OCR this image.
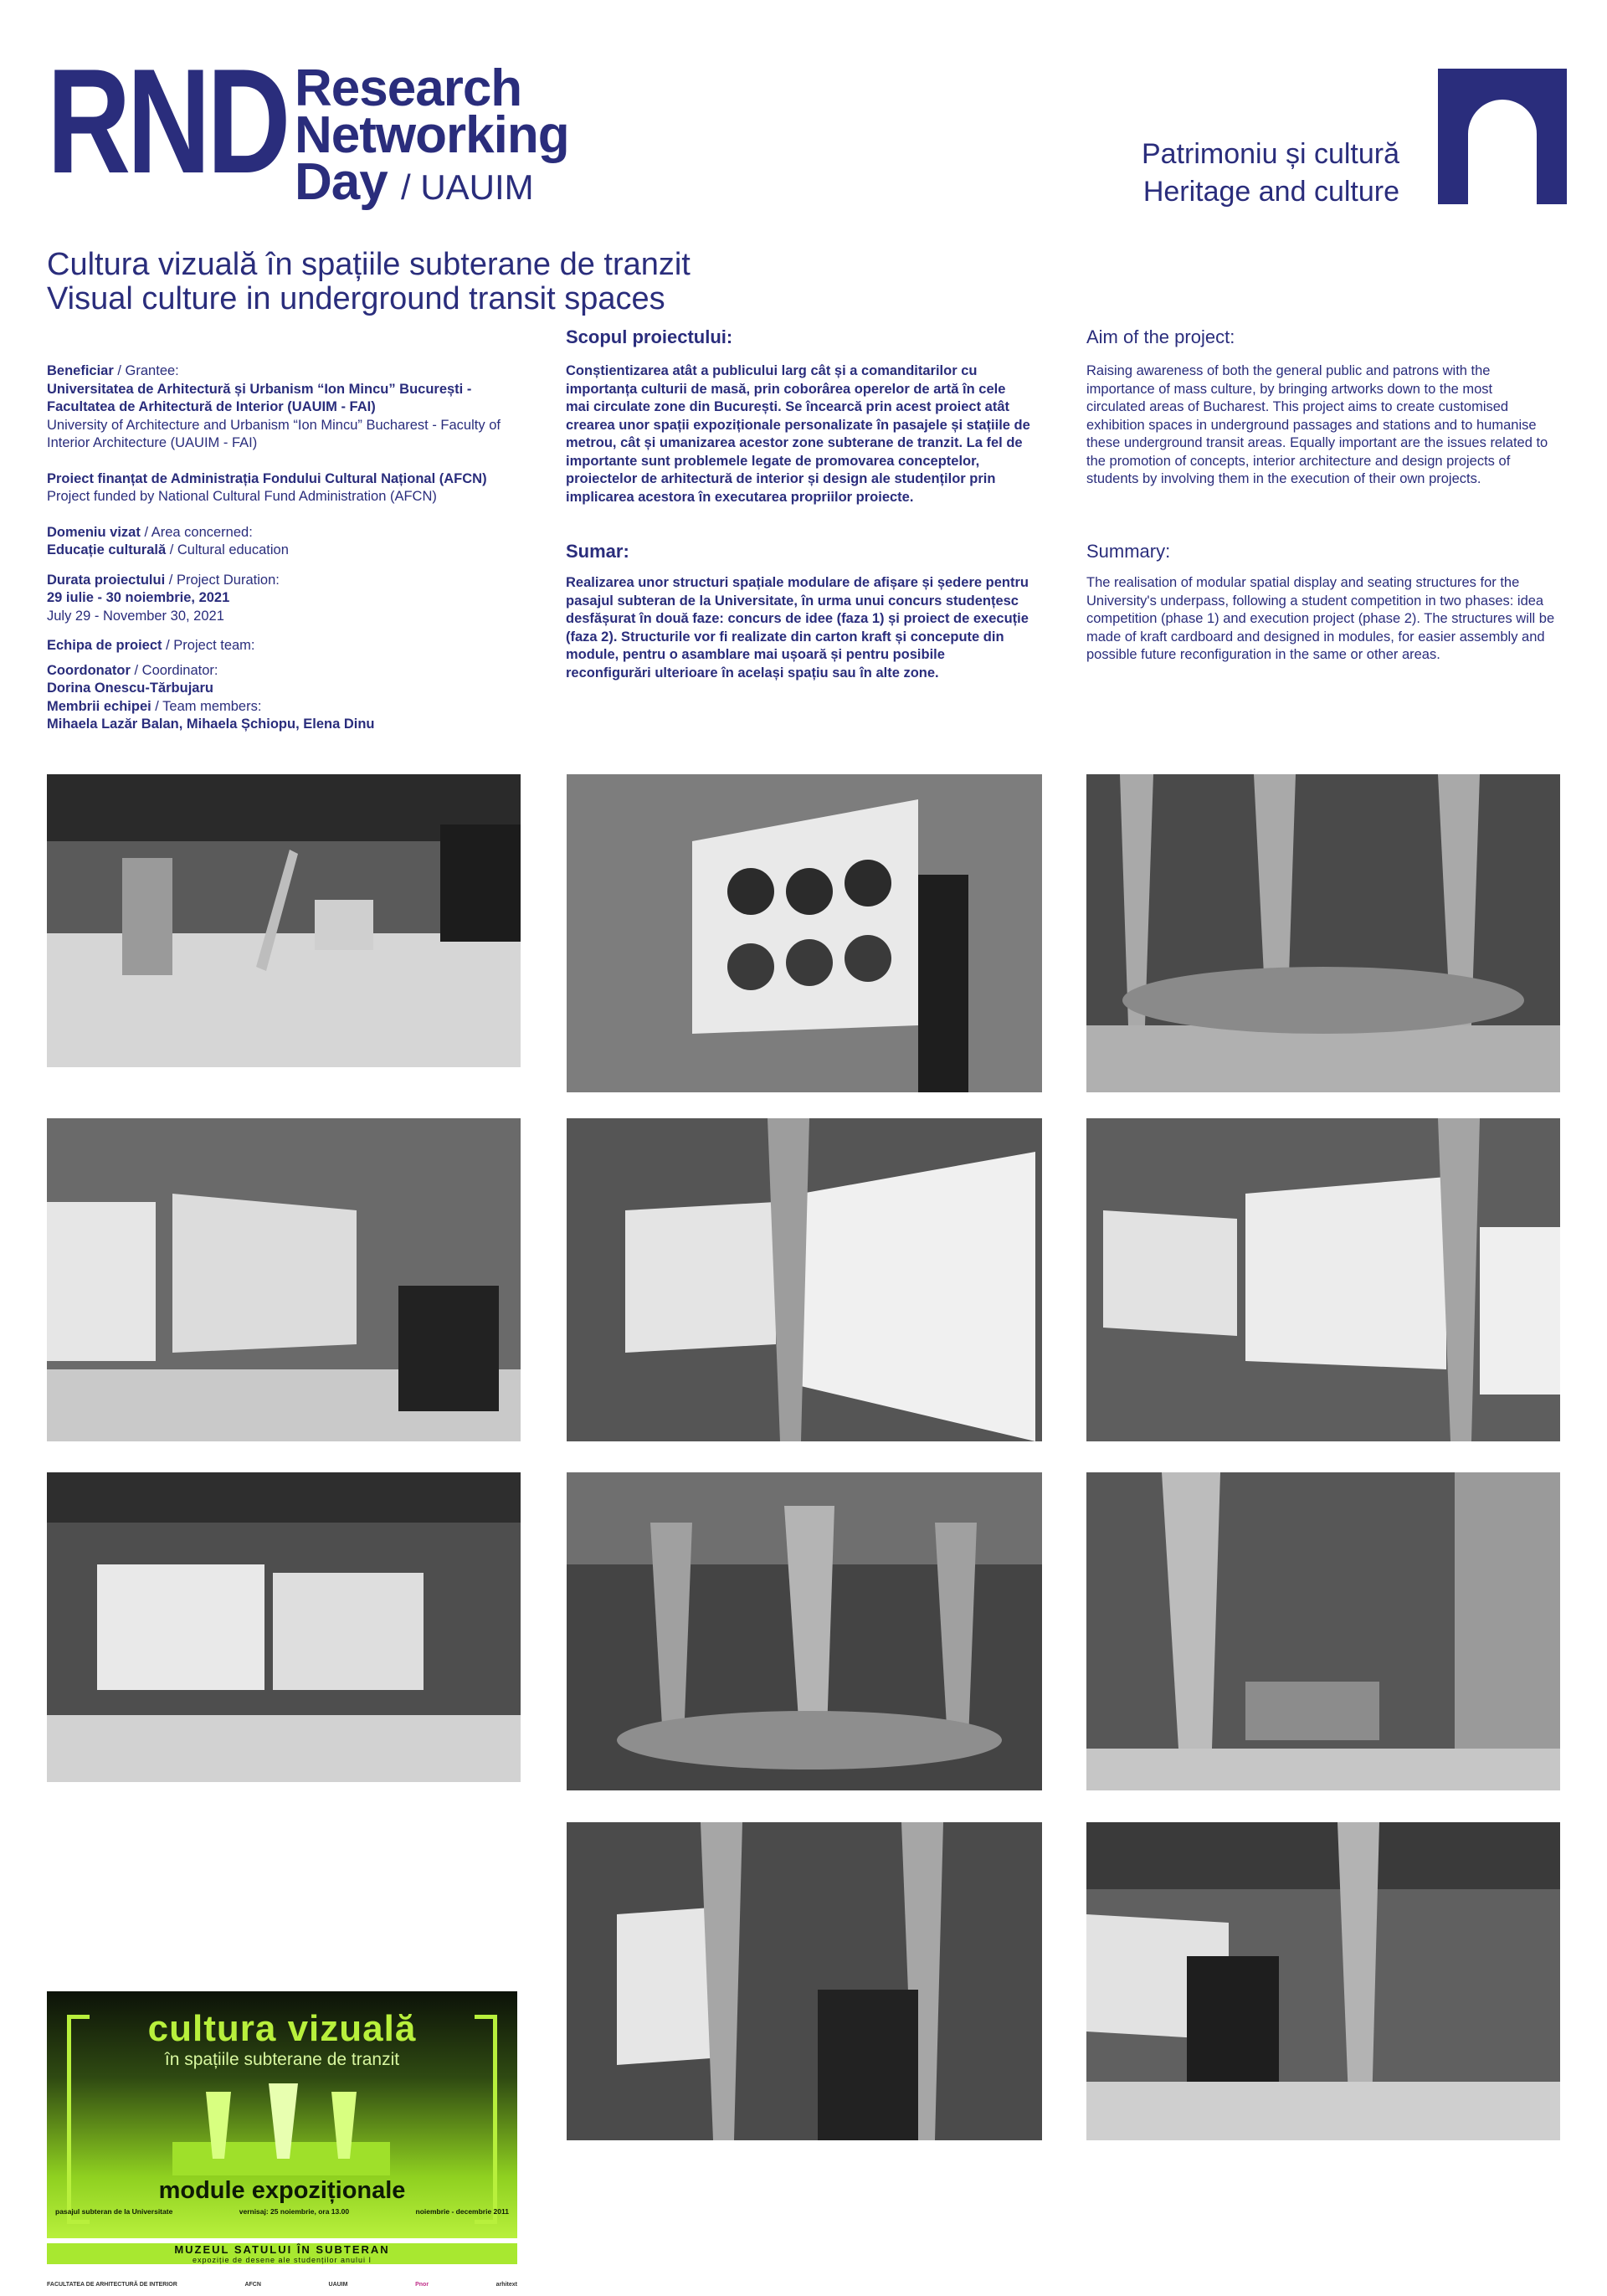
RND Research
Networking
Day / UAUIM
Patrimoniu și cultură
Heritage and culture
Cultura vizuală în spațiile subterane de tranzit
Visual culture in underground transit spaces
Beneficiar / Grantee:
Universitatea de Arhitectură și Urbanism “Ion Mincu” București - Facultatea de Arhitectură de Interior (UAUIM - FAI)
University of Architecture and Urbanism “Ion Mincu” Bucharest - Faculty of Interior Architecture (UAUIM - FAI)
Proiect finanțat de Administrația Fondului Cultural Național (AFCN)
Project funded by National Cultural Fund Administration (AFCN)
Domeniu vizat / Area concerned:
Educație culturală / Cultural education
Durata proiectului / Project Duration:
29 iulie - 30 noiembrie, 2021
July 29 - November 30, 2021
Echipa de proiect / Project team:
Coordonator / Coordinator:
Dorina Onescu-Tărbujaru
Membrii echipei / Team members:
Mihaela Lazăr Balan, Mihaela Șchiopu, Elena Dinu
Scopul proiectului:
Conștientizarea atât a publicului larg cât și a comanditarilor cu importanța culturii de masă, prin coborârea operelor de artă în cele mai circulate zone din București. Se încearcă prin acest proiect atât crearea unor spații expoziționale personalizate în pasajele și stațiile de metrou, cât și umanizarea acestor zone subterane de tranzit. La fel de importante sunt problemele legate de promovarea conceptelor, proiectelor de arhitectură de interior și design ale studenților prin implicarea acestora în executarea propriilor proiecte.
Sumar:
Realizarea unor structuri spațiale modulare de afișare și ședere pentru pasajul subteran de la Universitate, în urma unui concurs studențesc desfășurat în două faze: concurs de idee (faza 1) și proiect de execuție (faza 2). Structurile vor fi realizate din carton kraft și concepute din module, pentru o asamblare mai ușoară și pentru posibile reconfigurări ulterioare în același spațiu sau în alte zone.
Aim of the project:
Raising awareness of both the general public and patrons with the importance of mass culture, by bringing artworks down to the most circulated areas of Bucharest. This project aims to create customised exhibition spaces in underground passages and stations and to humanise these underground transit areas. Equally important are the issues related to the promotion of concepts, interior architecture and design projects of students by involving them in the execution of their own projects.
Summary:
The realisation of modular spatial display and seating structures for the University's underpass, following a student competition in two phases: idea competition (phase 1) and execution project (phase 2). The structures will be made of kraft cardboard and designed in modules, for easier assembly and possible future reconfiguration in the same or other areas.
cultura vizuală
în spațiile subterane de tranzit
module expoziționale
pasajul subteran de la Universitate	vernisaj: 25 noiembrie, ora 13.00	noiembrie - decembrie 2011
MUZEUL SATULUI ÎN SUBTERAN
expoziție de desene ale studenților anului I
FACULTATEA DE ARHITECTURĂ DE INTERIOR	AFCN	UAUIM	Pnor	arhitext
